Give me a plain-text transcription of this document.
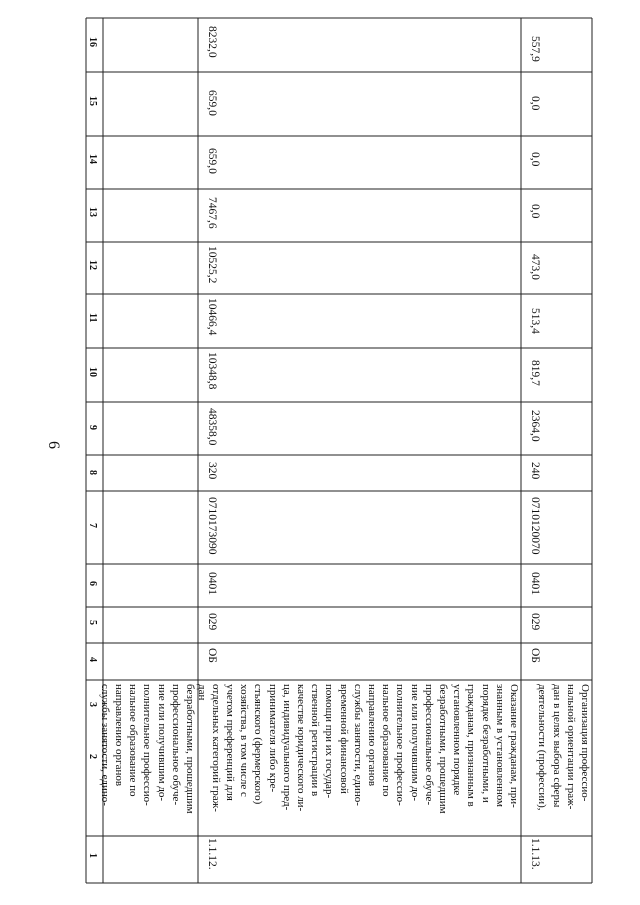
6
1
2
3
4
5
6
7
8
9
10
11
12
13
14
15
16
безработными, прошедшим
профессиональное обуче-
ние или получившим до-
полнительное профессио-
нальное образование по
направлению органов
службы занятости, едино-
1.1.12.
Оказание гражданам, при-
знанным в установленном
порядке безработными, и
гражданам, признанным в
установленном порядке
безработными, прошедшим
профессиональное обуче-
ние или получившим до-
полнительное профессио-
нальное образование по
направлению органов
службы занятости, едино-
временной финансовой
помощи при их государ-
ственной регистрации в
качестве юридического ли-
ца, индивидуального пред-
принимателя либо кре-
стьянского (фермерского)
хозяйства, в том числе с
учетом преференций для
отдельных категорий граж-
дан
ОБ
029
0401
0710173090
320
48358,0
10348,8
10466,4
10525,2
7467,6
659,0
659,0
8232,0
1.1.13.
Организация профессио-
нальной ориентации граж-
дан в целях выбора сферы
деятельности (профессии),
ОБ
029
0401
0710120070
240
2364,0
819,7
513,4
473,0
0,0
0,0
0,0
557,9
